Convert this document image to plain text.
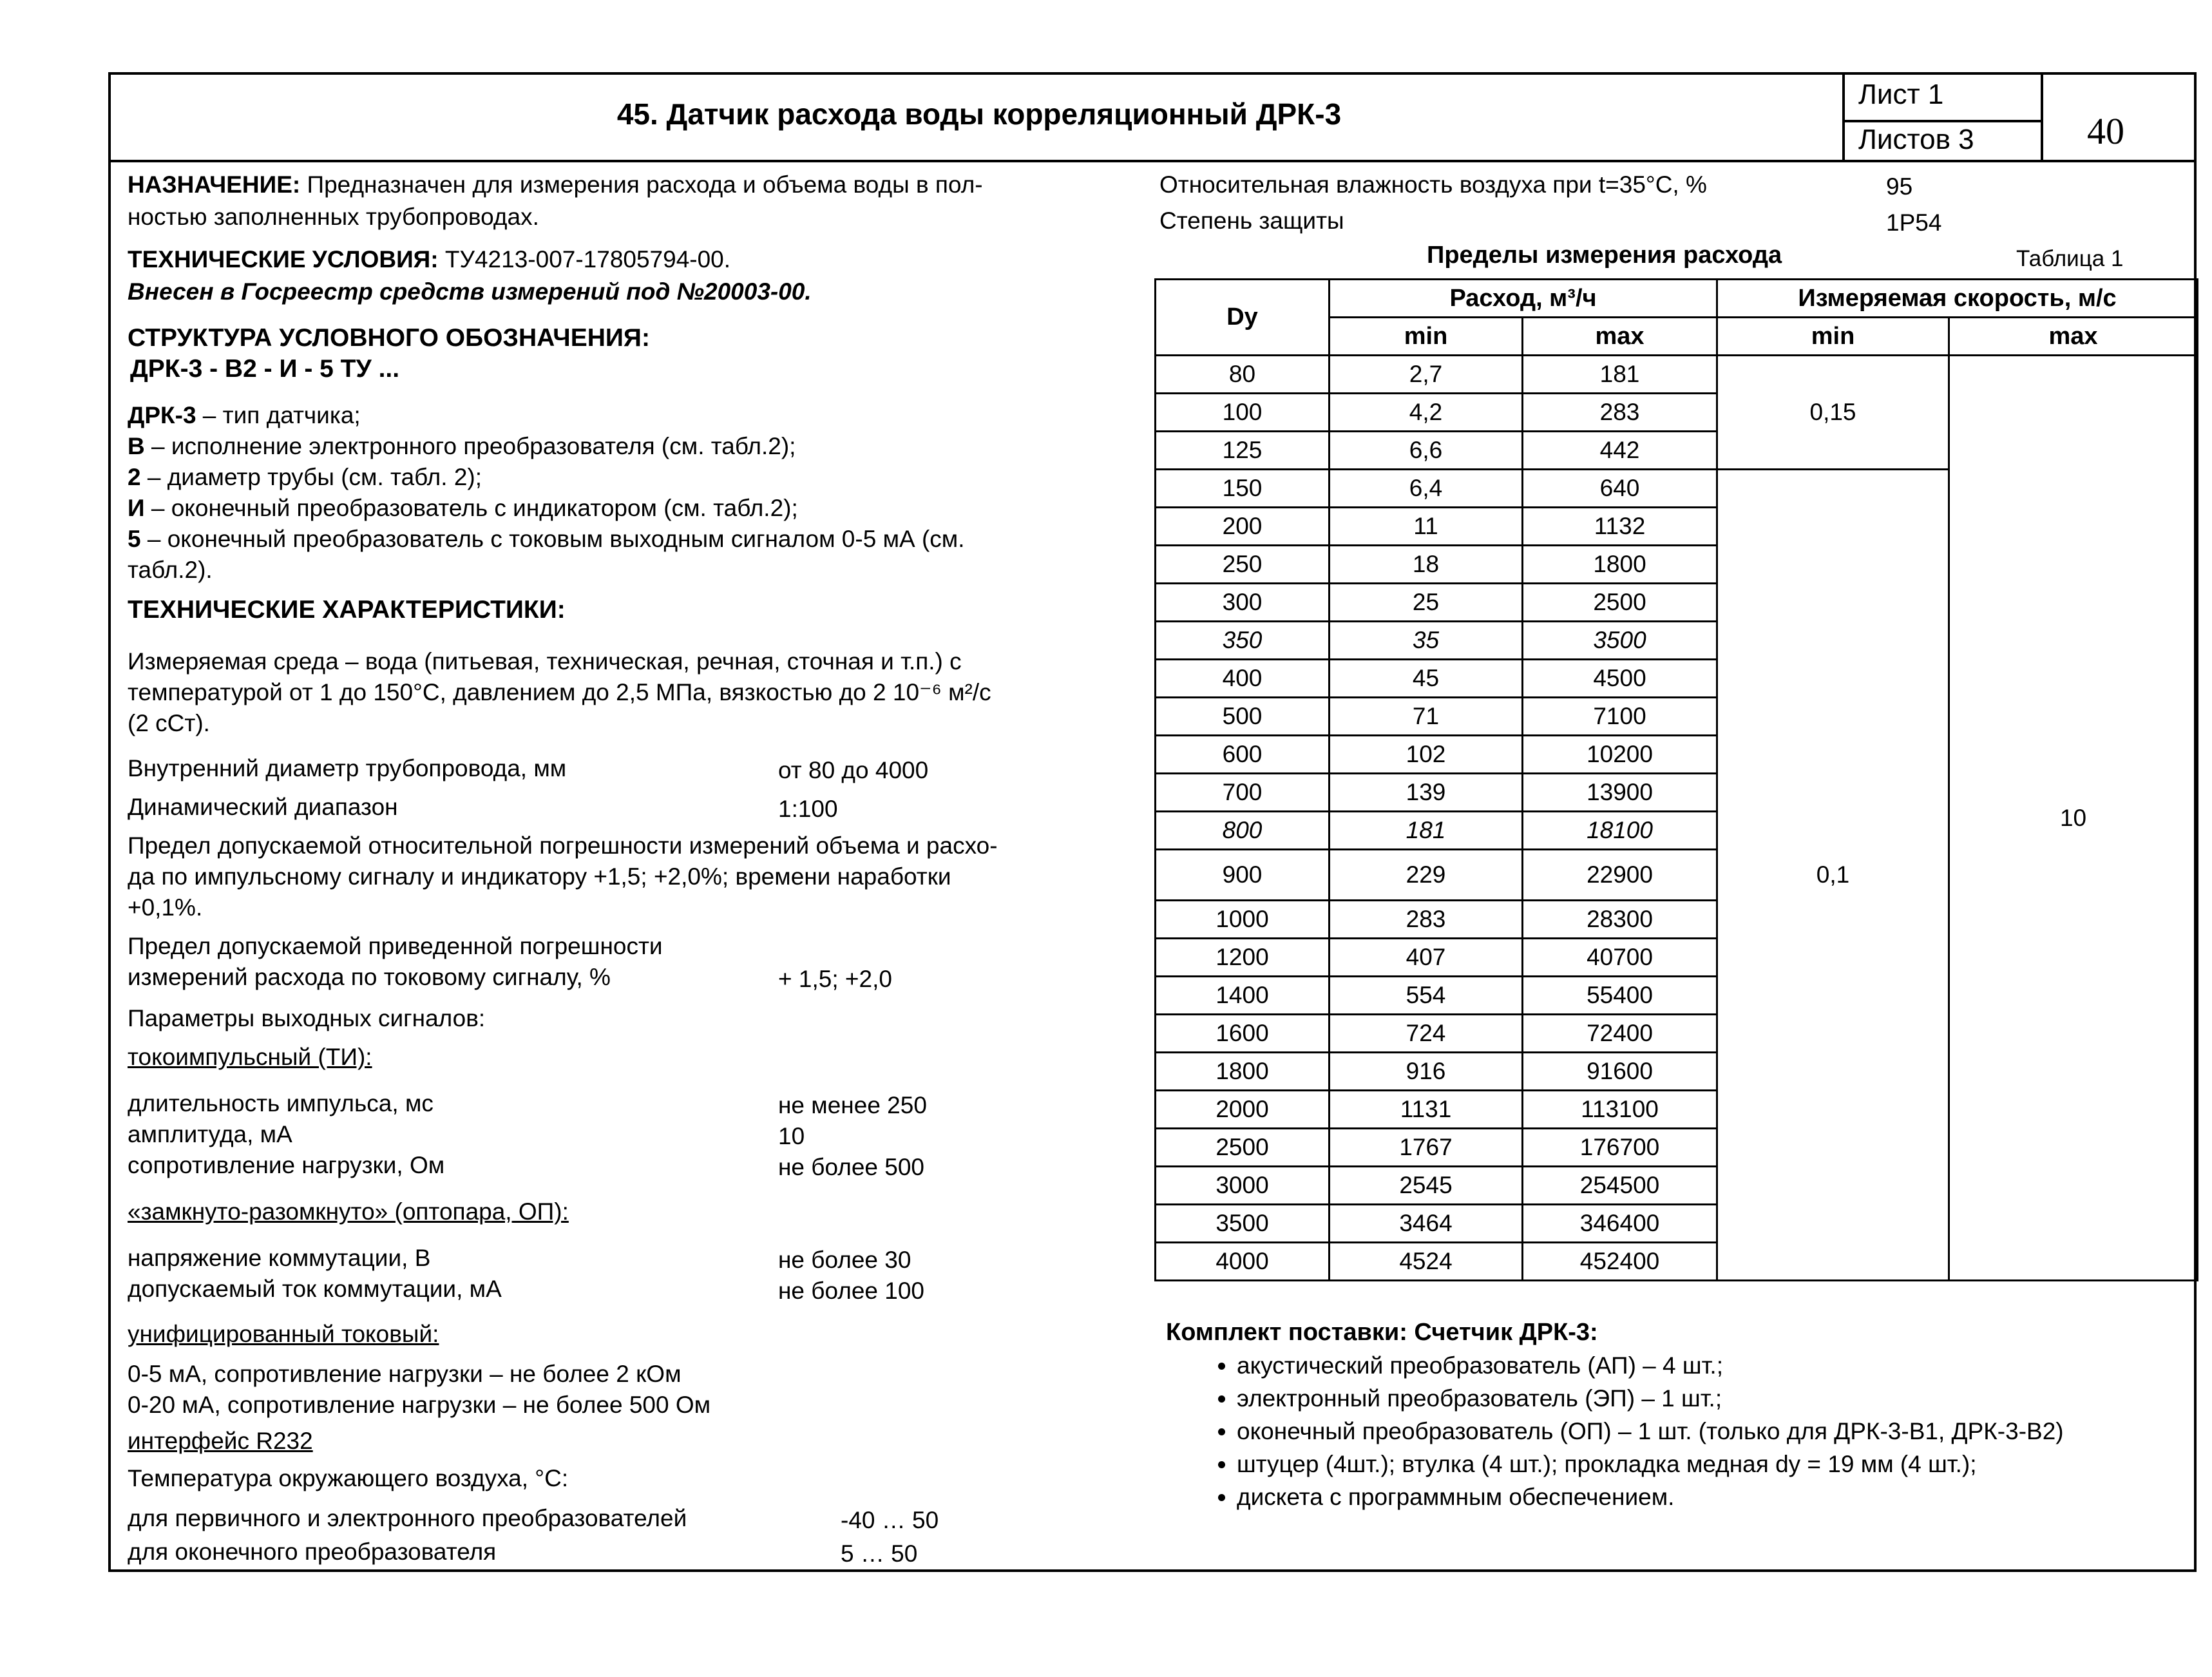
45. Датчик расхода воды корреляционный ДРК-3
Лист 1
Листов 3	40
НАЗНАЧЕНИЕ: Предназначен для измерения расхода и объема воды в пол-
ностью заполненных трубопроводах.
ТЕХНИЧЕСКИЕ УСЛОВИЯ: ТУ4213-007-17805794-00.
Внесен в Госреестр средств измерений под №20003-00.
СТРУКТУРА УСЛОВНОГО ОБОЗНАЧЕНИЯ:
ДРК-3 - В2 - И - 5 ТУ ...
ДРК-3 – тип датчика;
В – исполнение электронного преобразователя (см. табл.2);
2 – диаметр трубы (см. табл. 2);
И – оконечный преобразователь с индикатором (см. табл.2);
5 – оконечный преобразователь с токовым выходным сигналом 0-5 мА (см.
табл.2).
ТЕХНИЧЕСКИЕ ХАРАКТЕРИСТИКИ:
Измеряемая среда – вода (питьевая, техническая, речная, сточная и т.п.) с
температурой от 1 до 150°С, давлением до 2,5 МПа, вязкостью до 2 10⁻⁶ м²/с
(2 сСт).
Внутренний диаметр трубопровода, мм	от 80 до 4000
Динамический диапазон	1:100
Предел допускаемой относительной погрешности измерений объема и расхо-
да по импульсному сигналу и индикатору +1,5; +2,0%; времени наработки
+0,1%.
Предел допускаемой приведенной погрешности
измерений расхода по токовому сигналу, %	+ 1,5; +2,0
Параметры выходных сигналов:
токоимпульсный (ТИ):
длительность импульса, мс	не менее 250
амплитуда, мА	10
сопротивление нагрузки, Ом	не более 500
«замкнуто-разомкнуто» (оптопара, ОП):
напряжение коммутации, В	не более 30
допускаемый ток коммутации, мА	не более 100
унифицированный токовый:
0-5 мА, сопротивление нагрузки – не более 2 кОм
0-20 мА, сопротивление нагрузки – не более 500 Ом
интерфейс R232
Температура окружающего воздуха, °С:
для первичного и электронного преобразователей	-40 … 50
для оконечного преобразователя	5 … 50
Относительная влажность воздуха при t=35°С, %	95
Степень защиты	1Р54
Пределы измерения расхода	Таблица 1
Dу	Расход, м³/ч		Измеряемая скорость, м/с	
	min	max	min	max
80	2,7	181	0,15	10
100	4,2	283		
125	6,6	442		
150	6,4	640	0,1	
200	11	1132		
250	18	1800		
300	25	2500		
350	35	3500		
400	45	4500		
500	71	7100		
600	102	10200		
700	139	13900		
800	181	18100		
900	229	22900		
1000	283	28300		
1200	407	40700		
1400	554	55400		
1600	724	72400		
1800	916	91600		
2000	1131	113100		
2500	1767	176700		
3000	2545	254500		
3500	3464	346400		
4000	4524	452400		
Комплект поставки: Счетчик ДРК-3:
• акустический преобразователь (АП) – 4 шт.;
• электронный преобразователь (ЭП) – 1 шт.;
• оконечный преобразователь (ОП) – 1 шт. (только для ДРК-3-В1, ДРК-3-В2)
• штуцер (4шт.); втулка (4 шт.); прокладка медная dу = 19 мм (4 шт.);
• дискета с программным обеспечением.
